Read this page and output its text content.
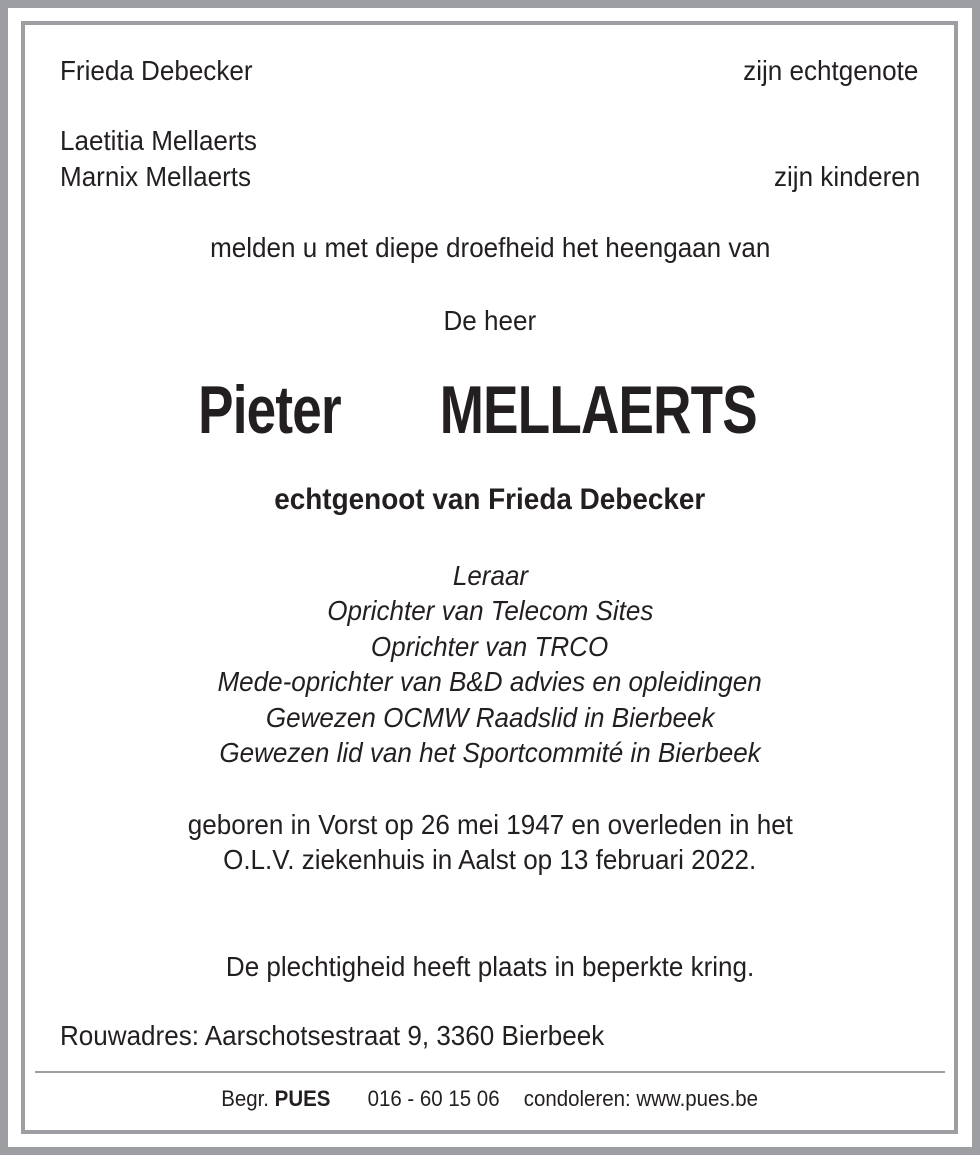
Frieda Debecker	zijn echtgenote
Laetitia Mellaerts
Marnix Mellaerts	zijn kinderen
melden u met diepe droefheid het heengaan van
De heer
Pieter MELLAERTS
echtgenoot van Frieda Debecker
Leraar
Oprichter van Telecom Sites
Oprichter van TRCO
Mede-oprichter van B&D advies en opleidingen
Gewezen OCMW Raadslid in Bierbeek
Gewezen lid van het Sportcommité in Bierbeek
geboren in Vorst op 26 mei 1947 en overleden in het
O.L.V. ziekenhuis in Aalst op 13 februari 2022.
De plechtigheid heeft plaats in beperkte kring.
Rouwadres: Aarschotsestraat 9, 3360 Bierbeek
Begr. PUES 016 - 60 15 06 condoleren: www.pues.be
